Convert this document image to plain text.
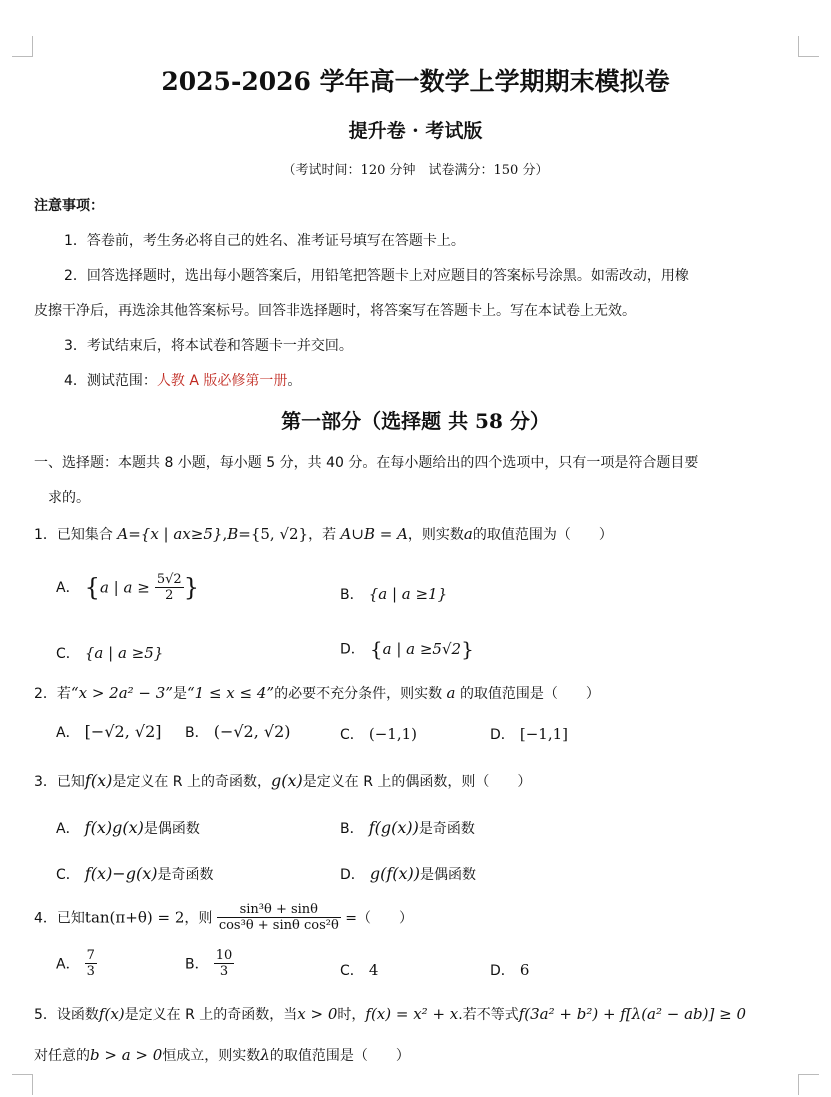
2025-2026 学年高一数学上学期期末模拟卷
提升卷 · 考试版
（考试时间：120 分钟　试卷满分：150 分）
注意事项：
1．答卷前，考生务必将自己的姓名、准考证号填写在答题卡上。
2．回答选择题时，选出每小题答案后，用铅笔把答题卡上对应题目的答案标号涂黑。如需改动，用橡
皮擦干净后，再选涂其他答案标号。回答非选择题时，将答案写在答题卡上。写在本试卷上无效。
3．考试结束后，将本试卷和答题卡一并交回。
4．测试范围：人教 A 版必修第一册。
第一部分（选择题 共 58 分）
一、选择题：本题共 8 小题，每小题 5 分，共 40 分。在每小题给出的四个选项中，只有一项是符合题目要
求的。
1．已知集合 A={x | ax≥5},B={5, √2}，若 A∪B = A，则实数a的取值范围为（　　）
A． {a | $a \ge \frac{5√2}{2}$ }	B． {a | a ≥1}
C． {a | a ≥5}	D． {a | a ≥5√2}
2．若“x > 2a² − 3”是“1 ≤ x ≤ 4”的必要不充分条件，则实数 a 的取值范围是（　　）
A． [−√2, √2] B． (−√2, √2)	C． (−1,1)	D． [−1,1]
3．已知f(x)是定义在 R 上的奇函数，g(x)是定义在 R 上的偶函数，则（　　）
A． f(x)g(x)是偶函数	B． f(g(x))是奇函数
C． f(x)−g(x)是奇函数	D． g(f(x))是偶函数
4．已知tan(π+θ) = 2，则 $\frac{\text{sin³θ + sinθ}}{\text{cos³θ + sinθ cos²θ}}$ =（　　）
A． $\frac{7}{3}$	B． $\frac{10}{3}$	C． 4	D． 6
5．设函数f(x)是定义在 R 上的奇函数，当x > 0时，f(x) = x² + x.若不等式f(3a² + b²) + f[λ(a² − ab)] ≥ 0
对任意的b > a > 0恒成立，则实数λ的取值范围是（　　）
